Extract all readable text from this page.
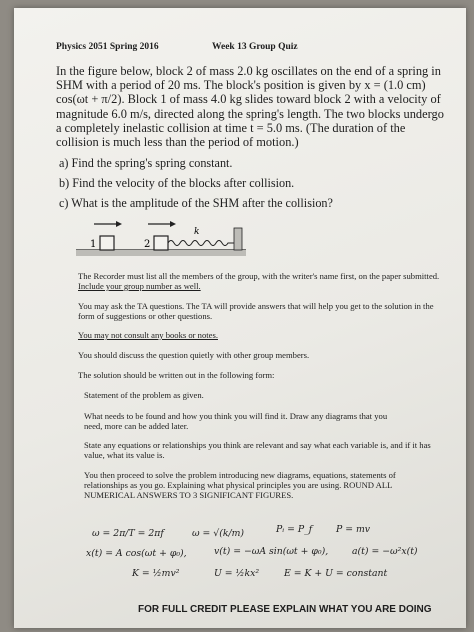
Physics 2051 Spring 2016	Week 13 Group Quiz
In the figure below, block 2 of mass 2.0 kg oscillates on the end of a spring in SHM with a period of 20 ms. The block's position is given by x = (1.0 cm) cos(ωt + π/2). Block 1 of mass 4.0 kg slides toward block 2 with a velocity of magnitude 6.0 m/s, directed along the spring's length. The two blocks undergo a completely inelastic collision at time t = 5.0 ms. (The duration of the collision is much less than the period of motion.)
a) Find the spring's spring constant.
b) Find the velocity of the blocks after collision.
c) What is the amplitude of the SHM after the collision?
1	2
k
The Recorder must list all the members of the group, with the writer's name first, on the paper submitted.
Include your group number as well.
You may ask the TA questions. The TA will provide answers that will help you get to the solution in the form of suggestions or other questions.
You may not consult any books or notes.
You should discuss the question quietly with other group members.
The solution should be written out in the following form:
Statement of the problem as given.
What needs to be found and how you think you will find it. Draw any diagrams that you need, more can be added later.
State any equations or relationships you think are relevant and say what each variable is, and if it has value, what its value is.
You then proceed to solve the problem introducing new diagrams, equations, statements of relationships as you go. Explaining what physical principles you are using. ROUND ALL NUMERICAL ANSWERS TO 3 SIGNIFICANT FIGURES.
ω = 2π/T = 2πf	ω = √(k/m)	Pᵢ = P_f	P = mv
x(t) = A cos(ωt + φ₀),	v(t) = −ωA sin(ωt + φ₀),	a(t) = −ω²x(t)
K = ½mv²	U = ½kx²	E = K + U = constant
FOR FULL CREDIT PLEASE EXPLAIN WHAT YOU ARE DOING
